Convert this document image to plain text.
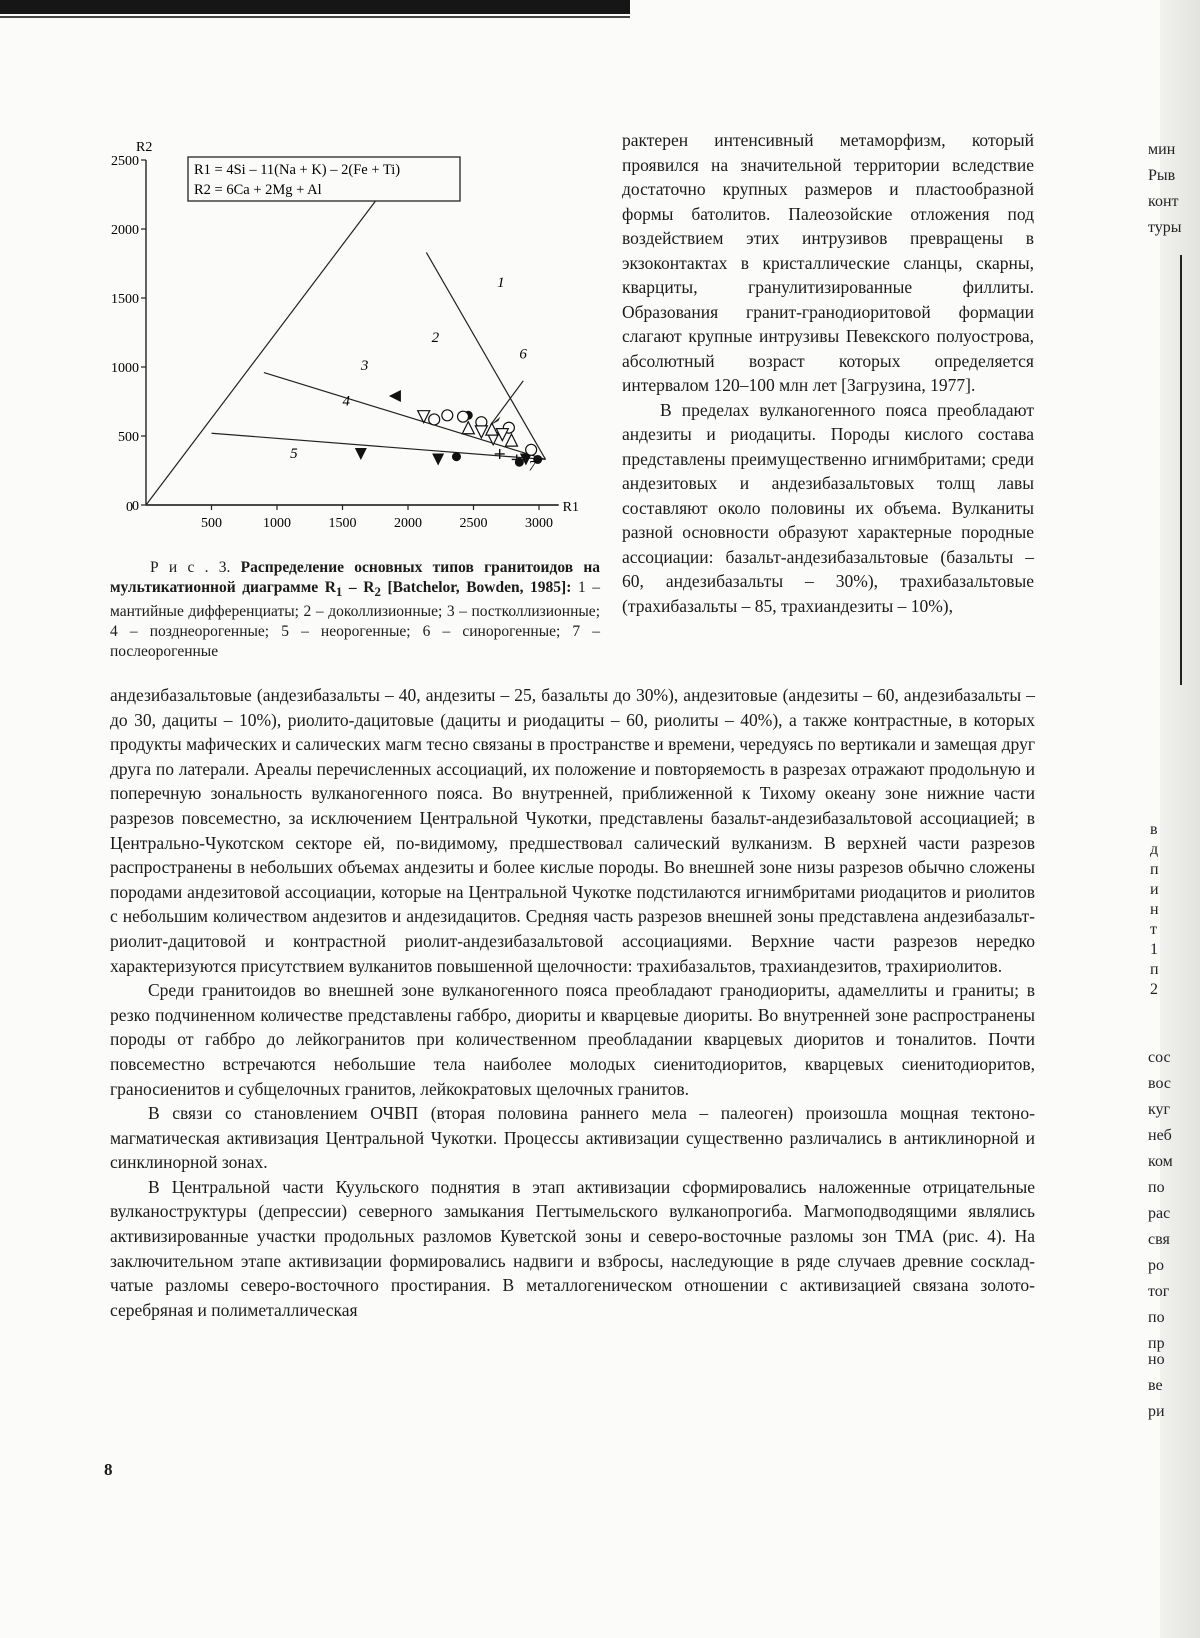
0
500
1000
1500
2000
2500
500	1000	1500	2000	2500	3000
R2
R1
0
R1 = 4Si – 11(Na + K) – 2(Fe + Ti)
R2 = 6Ca + 2Mg + Al
1
2
3
4
5
6
7
Р и с . 3. Распределение основных типов гранитоидов на мультикатионной диаграмме $R_1 - R_2$ [Batchelor, Bowden, 1985]: 1 – мантийные дифференциаты; 2 – доколлизионные; 3 – постколлизионные; 4 – позднеорогенные; 5 – неорогенные; 6 – синорогенные; 7 – послеорогенные

рактерен интенсивный метаморфизм, который проявился на значительной территории вследствие достаточно крупных размеров и пластообразной формы батолитов. Палеозойские отложения под воздействием этих интрузивов превращены в экзоконтактах в кристаллические сланцы, скарны, кварциты, гранулитизированные филлиты. Образования гранит-гранодиоритовой формации слагают крупные интрузивы Певекского полуострова, абсолютный возраст которых определяется интервалом 120–100 млн лет [Загрузина, 1977].

В пределах вулканогенного пояса преобладают андезиты и риодациты. Породы кислого состава представлены преимущественно игнимбритами; среди андезитовых и андезибазальтовых толщ лавы составляют около половины их объема. Вулканиты разной основности образуют характерные породные ассоциации: базальт-андезибазальтовые (базальты – 60, андезибазальты – 30%), трахибазальтовые (трахибазальты – 85, трахиандезиты – 10%),

андезибазальтовые (андезибазальты – 40, андезиты – 25, базальты до 30%), андезитовые (андезиты – 60, андезибазальты – до 30, дациты – 10%), риолито-дацитовые (дациты и риодациты – 60, риолиты – 40%), а также контрастные, в которых продукты мафических и салических магм тесно связаны в пространстве и времени, чередуясь по вертикали и замещая друг друга по латерали. Ареалы перечисленных ассоциаций, их положение и повторяемость в разрезах отражают продольную и поперечную зональность вулканогенного пояса. Во внутренней, приближенной к Тихому океану зоне нижние части разрезов повсеместно, за исключением Центральной Чукотки, представлены базальт-андезибазальтовой ассоциацией; в Центрально-Чукотском секторе ей, по-видимому, предшествовал салический вулканизм. В верхней части разрезов распространены в небольших объемах андезиты и более кислые породы. Во внешней зоне низы разрезов обычно сложены породами андезитовой ассоциации, которые на Центральной Чукотке подстилаются игнимбритами риодацитов и риолитов с небольшим количеством андезитов и андезидацитов. Средняя часть разрезов внешней зоны представлена андезибазальт-риолит-дацитовой и контрастной риолит-андезибазальтовой ассоциациями. Верхние части разрезов нередко характеризуются присутствием вулканитов повышенной щелочности: трахибазальтов, трахиандезитов, трахириолитов.

Среди гранитоидов во внешней зоне вулканогенного пояса преобладают гранодиориты, адамеллиты и граниты; в резко подчиненном количестве представлены габбро, диориты и кварцевые диориты. Во внутренней зоне распространены породы от габбро до лейкогранитов при количественном преобладании кварцевых диоритов и тоналитов. Почти повсеместно встречаются небольшие тела наиболее молодых сиенитодиоритов, кварцевых сиенитодиоритов, граносиенитов и субщелочных гранитов, лейкократовых щелочных гранитов.

В связи со становлением ОЧВП (вторая половина раннего мела – палеоген) произошла мощная тектоно-магматическая активизация Центральной Чукотки. Процессы активизации существенно различались в антиклинорной и синклинорной зонах.

В Центральной части Куульского поднятия в этап активизации сформировались наложенные отрицательные вулканоструктуры (депрессии) северного замыкания Пегтымельского вулканопрогиба. Магмоподводящими являлись активизированные участки продольных разломов Куветской зоны и северо-восточные разломы зон ТМА (рис. 4). На заключительном этапе активизации формировались надвиги и взбросы, наследующие в ряде случаев древние соскладчатые разломы северо-восточного простирания. В металлогеническом отношении с активизацией связана золото-серебряная и полиметаллическая

8
мин
Рыв
конт
туры
в
д
п
и
н
т
1
п
2
сос
вос
куг
неб
ком
по
рас
свя
ро
тог
по
пр
но
ве
ри
